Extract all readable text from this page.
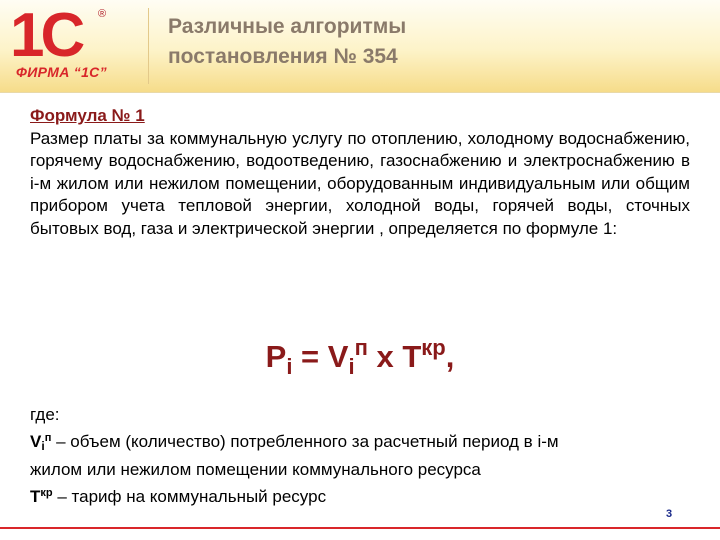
1С ®
ФИРМА “1С”
Различные алгоритмы
постановления № 354

Формула № 1

Размер платы за коммунальную услугу по отоплению, холодному водоснабжению, горячему водоснабжению, водоотведению, газоснабжению и электроснабжению в i-м жилом или нежилом помещении, оборудованным индивидуальным или общим прибором учета тепловой энергии, холодной воды, горячей воды, сточных бытовых вод, газа и электрической энергии , определяется по формуле 1:

$P_i = V_i^п$ x $T^{кр}$,
где:
$Vi^п$ – объем (количество) потребленного за расчетный период в i-м
жилом или нежилом помещении коммунального ресурса
$T^{кр}$ – тариф на коммунальный ресурс
3
